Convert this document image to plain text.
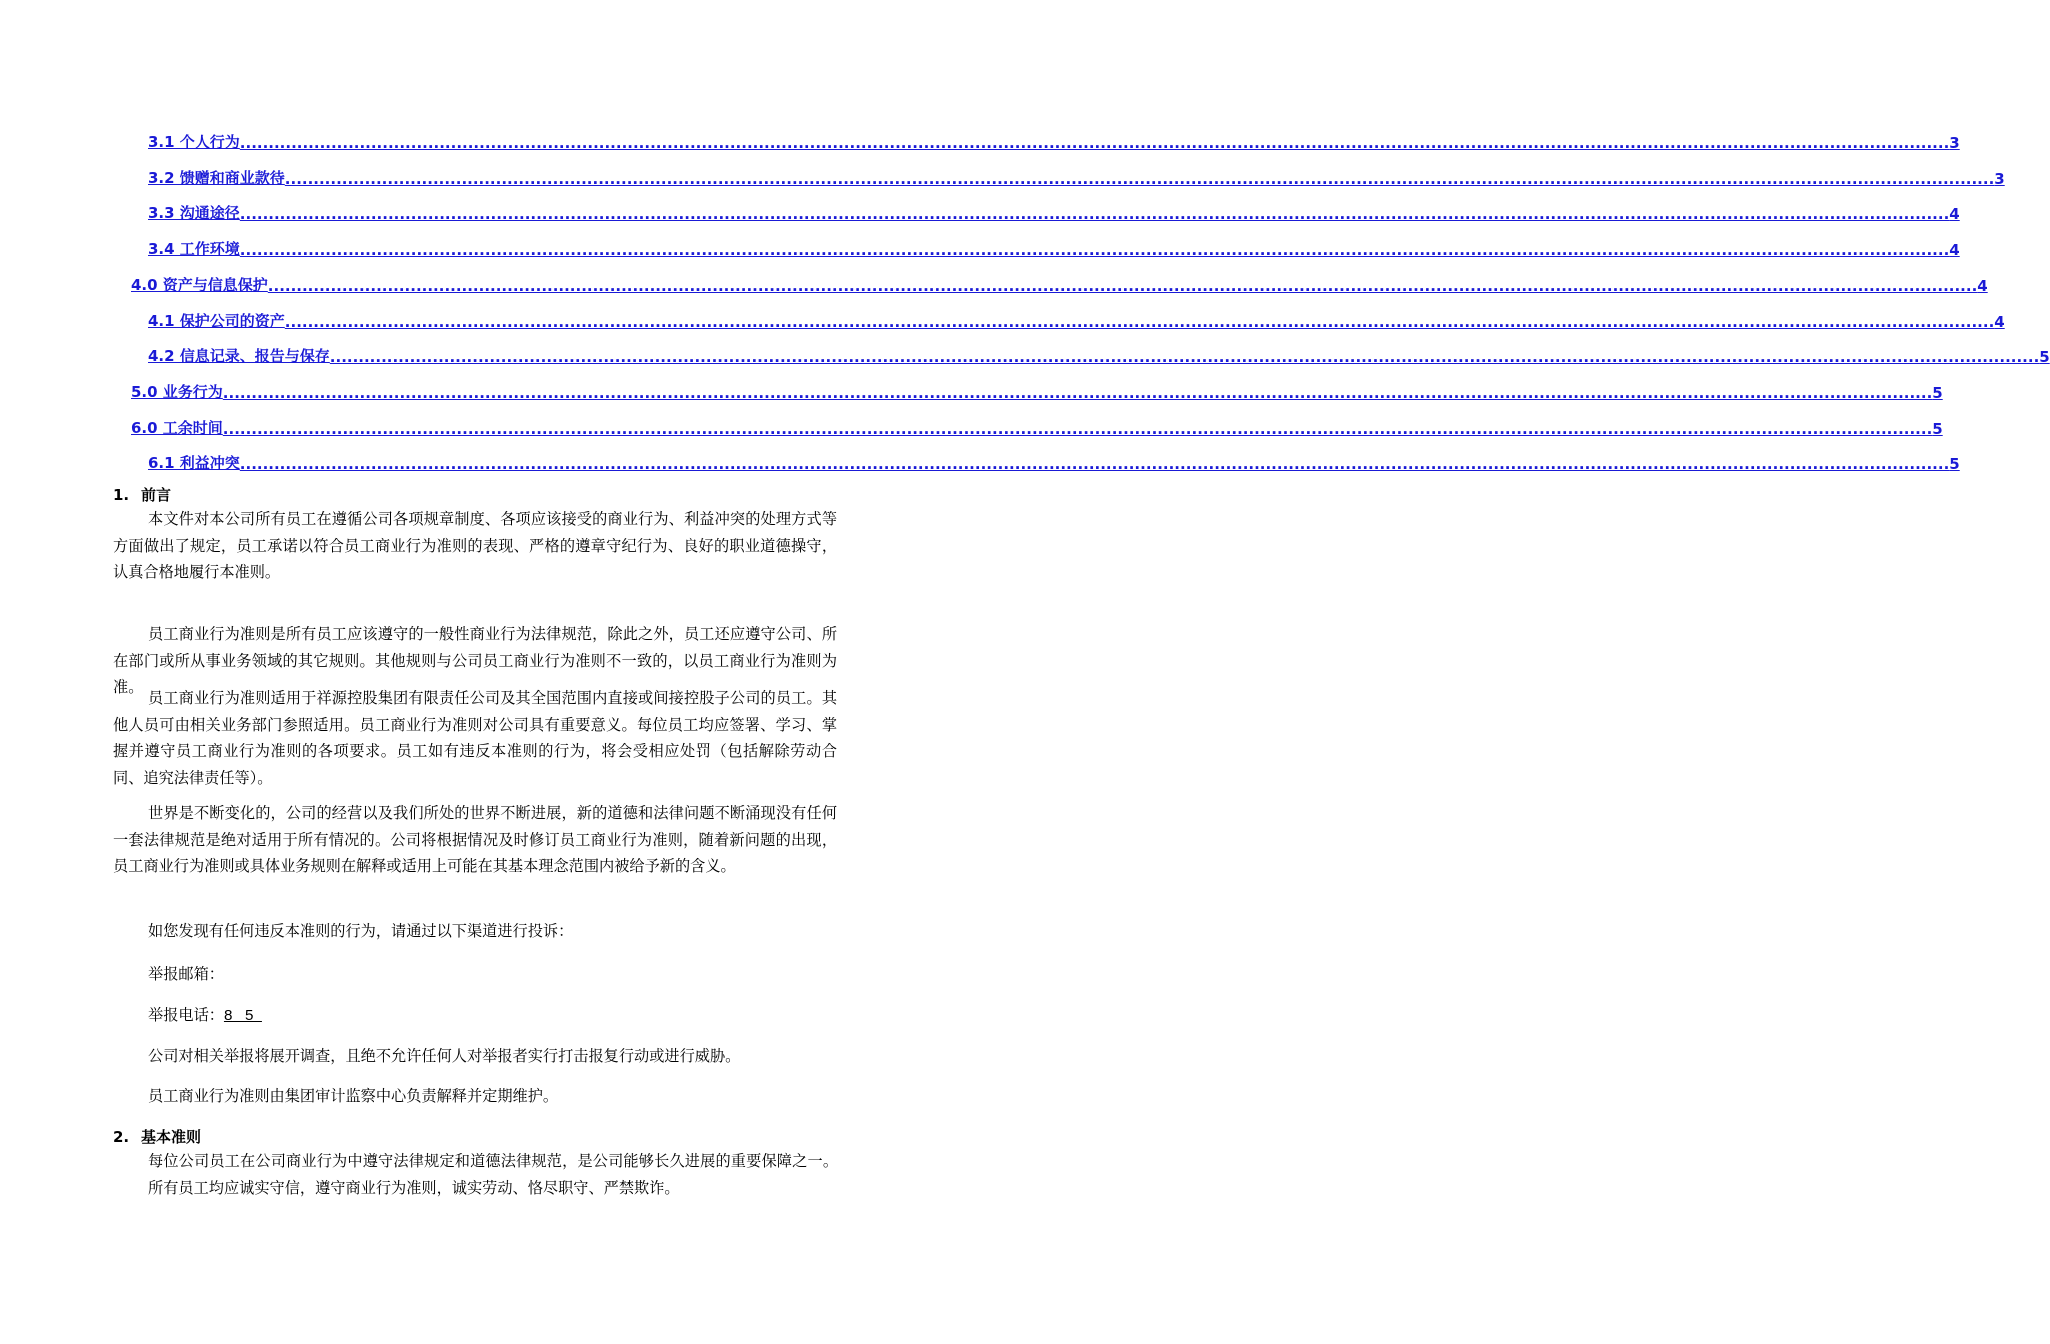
3.1 个人行为 ............................................................................................................................................................................................................................................................................................................ 3
3.2 馈赠和商业款待 ............................................................................................................................................................................................................................................................................................................ 3
3.3 沟通途径 ............................................................................................................................................................................................................................................................................................................ 4
3.4 工作环境 ............................................................................................................................................................................................................................................................................................................ 4
4.0 资产与信息保护 ............................................................................................................................................................................................................................................................................................................ 4
4.1 保护公司的资产 ............................................................................................................................................................................................................................................................................................................ 4
4.2 信息记录、报告与保存 ............................................................................................................................................................................................................................................................................................................ 5
5.0 业务行为 ............................................................................................................................................................................................................................................................................................................ 5
6.0 工余时间 ............................................................................................................................................................................................................................................................................................................ 5
6.1 利益冲突 ............................................................................................................................................................................................................................................................................................................ 5
1. 前言

本文件对本公司所有员工在遵循公司各项规章制度、各项应该接受的商业行为、利益冲突的处理方式等方面做出了规定，员工承诺以符合员工商业行为准则的表现、严格的遵章守纪行为、良好的职业道德操守，认真合格地履行本准则。

员工商业行为准则是所有员工应该遵守的一般性商业行为法律规范，除此之外，员工还应遵守公司、所在部门或所从事业务领域的其它规则。其他规则与公司员工商业行为准则不一致的，以员工商业行为准则为准。

员工商业行为准则适用于祥源控股集团有限责任公司及其全国范围内直接或间接控股子公司的员工。其他人员可由相关业务部门参照适用。员工商业行为准则对公司具有重要意义。每位员工均应签署、学习、掌握并遵守员工商业行为准则的各项要求。员工如有违反本准则的行为，将会受相应处罚（包括解除劳动合同、追究法律责任等）。

世界是不断变化的，公司的经营以及我们所处的世界不断进展，新的道德和法律问题不断涌现没有任何一套法律规范是绝对适用于所有情况的。公司将根据情况及时修订员工商业行为准则，随着新问题的出现，员工商业行为准则或具体业务规则在解释或适用上可能在其基本理念范围内被给予新的含义。

如您发现有任何违反本准则的行为，请通过以下渠道进行投诉：
举报邮箱：
举报电话：8   5
公司对相关举报将展开调查，且绝不允许任何人对举报者实行打击报复行动或进行威胁。
员工商业行为准则由集团审计监察中心负责解释并定期维护。
2. 基本准则

每位公司员工在公司商业行为中遵守法律规定和道德法律规范，是公司能够长久进展的重要保障之一。所有员工均应诚实守信，遵守商业行为准则，诚实劳动、恪尽职守、严禁欺诈。
